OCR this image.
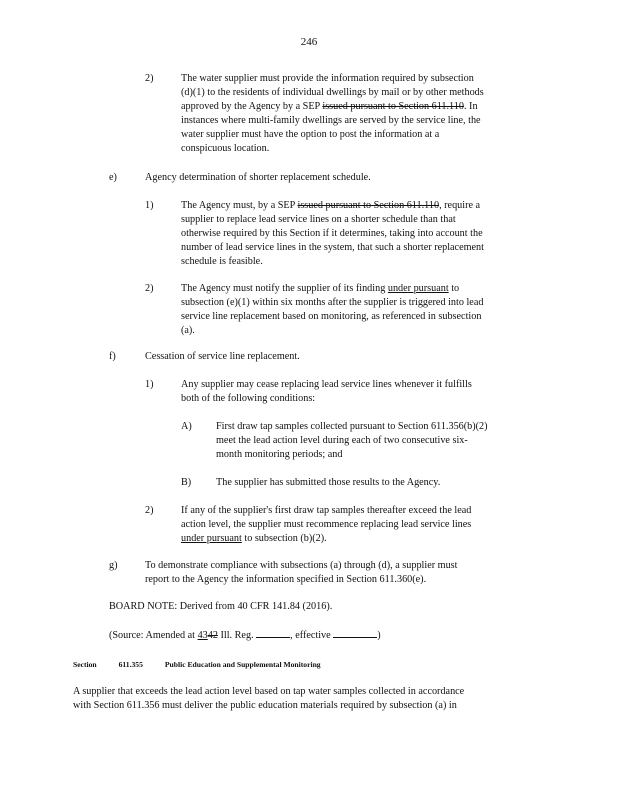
246
2)	The water supplier must provide the information required by subsection
(d)(1) to the residents of individual dwellings by mail or by other methods
approved by the Agency by a SEP issued pursuant to Section 611.110. In
instances where multi-family dwellings are served by the service line, the
water supplier must have the option to post the information at a
conspicuous location.
e)	Agency determination of shorter replacement schedule.
1)	The Agency must, by a SEP issued pursuant to Section 611.110, require a
supplier to replace lead service lines on a shorter schedule than that
otherwise required by this Section if it determines, taking into account the
number of lead service lines in the system, that such a shorter replacement
schedule is feasible.
2)	The Agency must notify the supplier of its finding under pursuant to
subsection (e)(1) within six months after the supplier is triggered into lead
service line replacement based on monitoring, as referenced in subsection
(a).
f)	Cessation of service line replacement.
1)	Any supplier may cease replacing lead service lines whenever it fulfills
both of the following conditions:
A) First draw tap samples collected pursuant to Section 611.356(b)(2)
meet the lead action level during each of two consecutive six-
month monitoring periods; and
B) The supplier has submitted those results to the Agency.
2)	If any of the supplier's first draw tap samples thereafter exceed the lead
action level, the supplier must recommence replacing lead service lines
under pursuant to subsection (b)(2).
g)	To demonstrate compliance with subsections (a) through (d), a supplier must
report to the Agency the information specified in Section 611.360(e).
BOARD NOTE: Derived from 40 CFR 141.84 (2016).
(Source: Amended at 4342 Ill. Reg.	, effective	)
Section	611.355	Public Education and Supplemental Monitoring
A supplier that exceeds the lead action level based on tap water samples collected in accordance
with Section 611.356 must deliver the public education materials required by subsection (a) in
